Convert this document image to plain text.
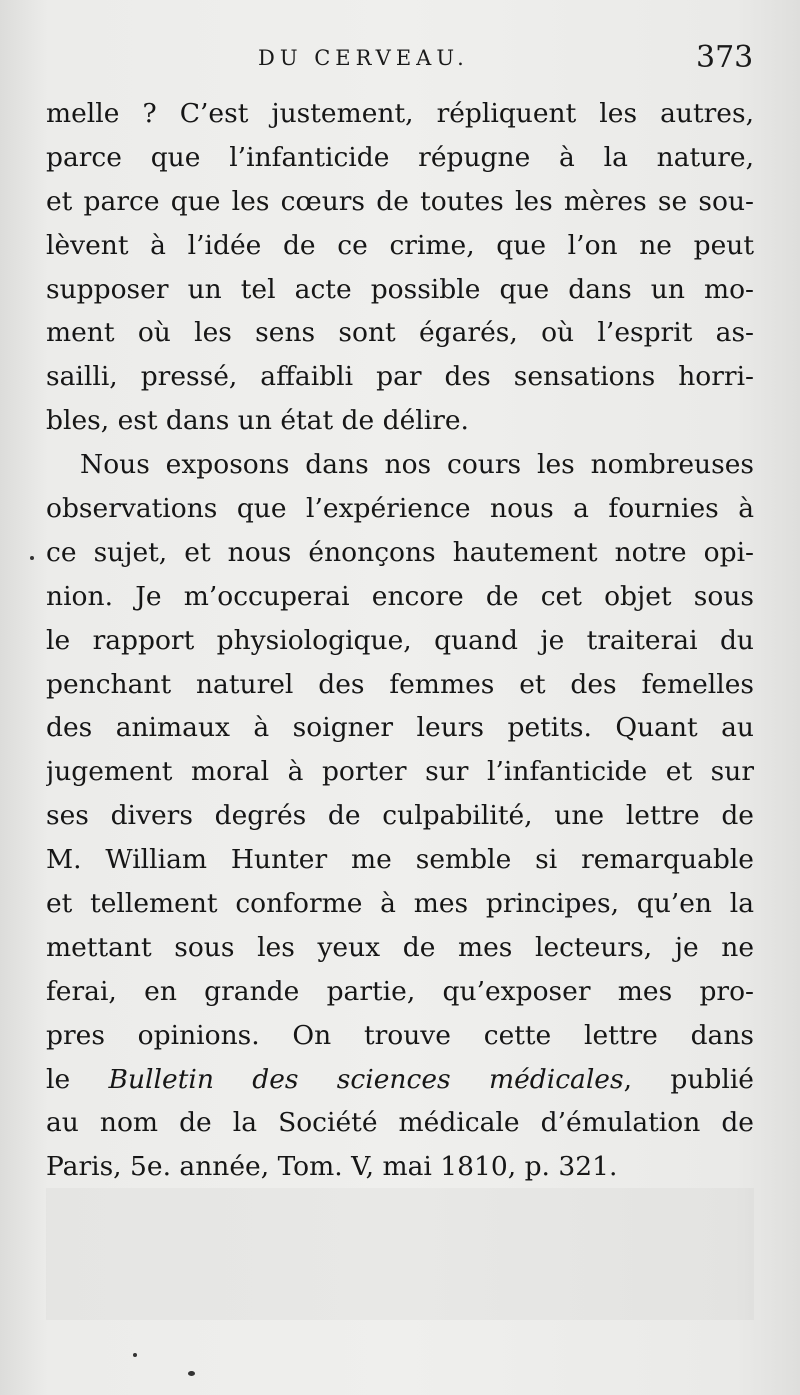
DU CERVEAU.	373
melle ? C’est justement, répliquent les autres,
parce que l’infanticide répugne à la nature,
et parce que les cœurs de toutes les mères se sou-
lèvent à l’idée de ce crime, que l’on ne peut
supposer un tel acte possible que dans un mo-
ment où les sens sont égarés, où l’esprit as-
sailli, pressé, affaibli par des sensations horri-
bles, est dans un état de délire.
Nous exposons dans nos cours les nombreuses
observations que l’expérience nous a fournies à
ce sujet, et nous énonçons hautement notre opi-
nion. Je m’occuperai encore de cet objet sous
le rapport physiologique, quand je traiterai du
penchant naturel des femmes et des femelles
des animaux à soigner leurs petits. Quant au
jugement moral à porter sur l’infanticide et sur
ses divers degrés de culpabilité, une lettre de
M. William Hunter me semble si remarquable
et tellement conforme à mes principes, qu’en la
mettant sous les yeux de mes lecteurs, je ne
ferai, en grande partie, qu’exposer mes pro-
pres opinions. On trouve cette lettre dans
le Bulletin des sciences médicales, publié
au nom de la Société médicale d’émulation de
Paris, 5e. année, Tom. V, mai 1810, p. 321.
